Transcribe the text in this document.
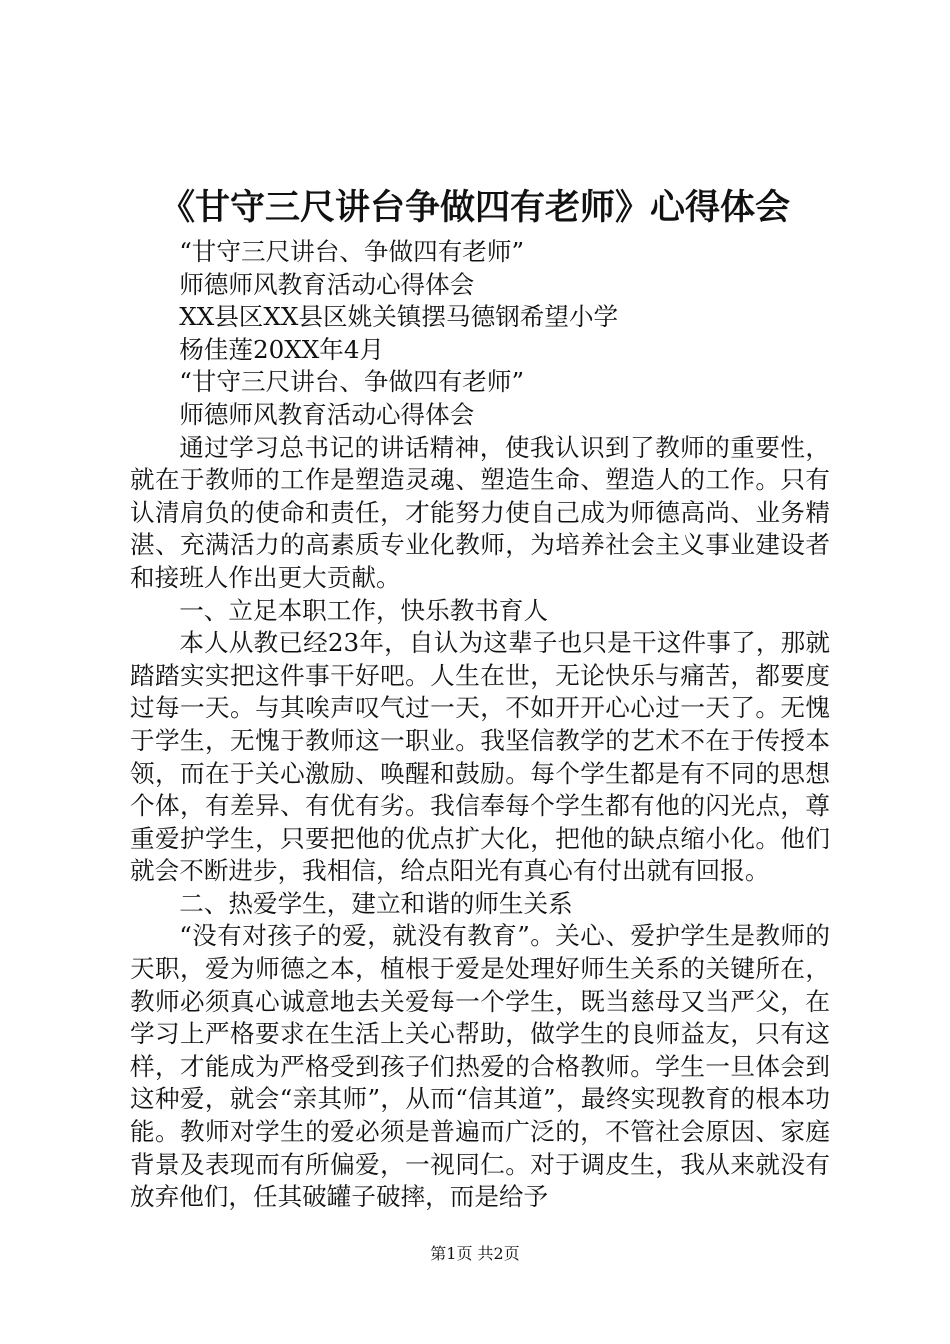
《甘守三尺讲台争做四有老师》心得体会

“甘守三尺讲台、争做四有老师”

师德师风教育活动心得体会

XX县区XX县区姚关镇摆马德钢希望小学

杨佳莲20XX年4月

“甘守三尺讲台、争做四有老师”

师德师风教育活动心得体会

通过学习总书记的讲话精神，使我认识到了教师的重要性，就在于教师的工作是塑造灵魂、塑造生命、塑造人的工作。只有认清肩负的使命和责任，才能努力使自己成为师德高尚、业务精湛、充满活力的高素质专业化教师，为培养社会主义事业建设者和接班人作出更大贡献。

一、立足本职工作，快乐教书育人

本人从教已经23年，自认为这辈子也只是干这件事了，那就踏踏实实把这件事干好吧。人生在世，无论快乐与痛苦，都要度过每一天。与其唉声叹气过一天，不如开开心心过一天了。无愧于学生，无愧于教师这一职业。我坚信教学的艺术不在于传授本领，而在于关心激励、唤醒和鼓励。每个学生都是有不同的思想个体，有差异、有优有劣。我信奉每个学生都有他的闪光点，尊重爱护学生，只要把他的优点扩大化，把他的缺点缩小化。他们就会不断进步，我相信，给点阳光有真心有付出就有回报。

二、热爱学生，建立和谐的师生关系

“没有对孩子的爱，就没有教育”。关心、爱护学生是教师的天职，爱为师德之本，植根于爱是处理好师生关系的关键所在，教师必须真心诚意地去关爱每一个学生，既当慈母又当严父，在学习上严格要求在生活上关心帮助，做学生的良师益友，只有这样，才能成为严格受到孩子们热爱的合格教师。学生一旦体会到这种爱，就会“亲其师”，从而“信其道”，最终实现教育的根本功能。教师对学生的爱必须是普遍而广泛的，不管社会原因、家庭背景及表现而有所偏爱，一视同仁。对于调皮生，我从来就没有放弃他们，任其破罐子破摔，而是给予

第1页 共2页
